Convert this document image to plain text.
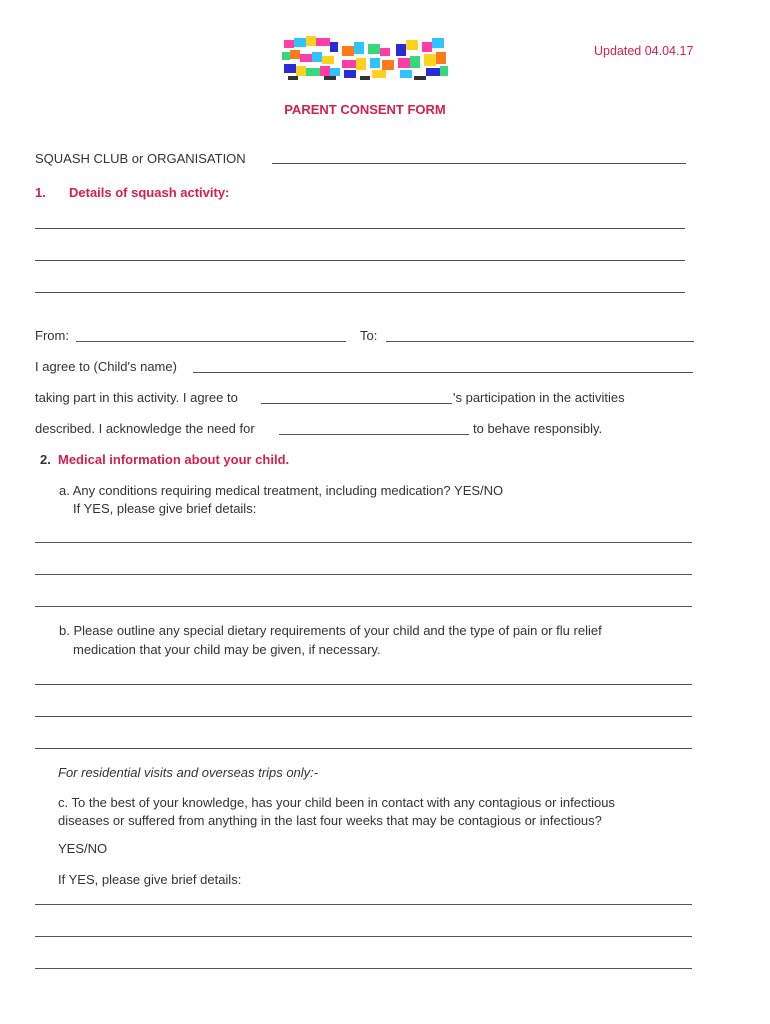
Updated 04.04.17
PARENT CONSENT FORM
SQUASH CLUB or ORGANISATION
1. Details of squash activity:
From:	To:
I agree to (Child's name)
taking part in this activity. I agree to	's participation in the activities
described. I acknowledge the need for	to behave responsibly.
2. Medical information about your child.
a. Any conditions requiring medical treatment, including medication? YES/NO
If YES, please give brief details:
b. Please outline any special dietary requirements of your child and the type of pain or flu relief
medication that your child may be given, if necessary.
For residential visits and overseas trips only:-
c. To the best of your knowledge, has your child been in contact with any contagious or infectious
diseases or suffered from anything in the last four weeks that may be contagious or infectious?
YES/NO
If YES, please give brief details:
